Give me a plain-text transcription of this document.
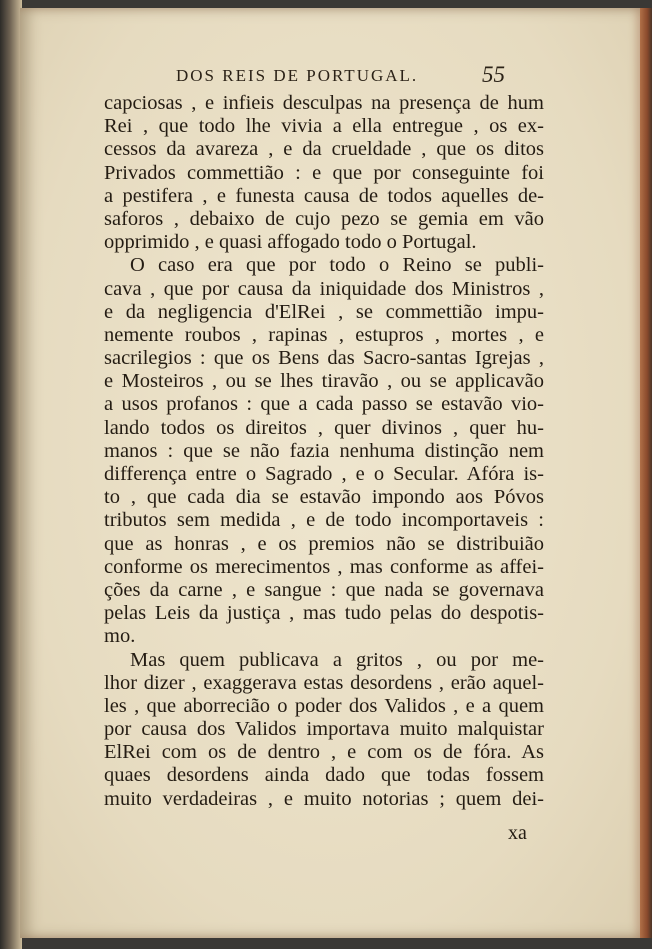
DOS REIS DE PORTUGAL.	55
capciosas , e infieis desculpas na presença de hum
Rei , que todo lhe vivia a ella entregue , os ex-
cessos da avareza , e da crueldade , que os ditos
Privados commettião : e que por conseguinte foi
a pestifera , e funesta causa de todos aquelles de-
saforos , debaixo de cujo pezo se gemia em vão
opprimido , e quasi affogado todo o Portugal.
O caso era que por todo o Reino se publi-
cava , que por causa da iniquidade dos Ministros ,
e da negligencia d'ElRei , se commettião impu-
nemente roubos , rapinas , estupros , mortes , e
sacrilegios : que os Bens das Sacro-santas Igrejas ,
e Mosteiros , ou se lhes tiravão , ou se applicavão
a usos profanos : que a cada passo se estavão vio-
lando todos os direitos , quer divinos , quer hu-
manos : que se não fazia nenhuma distinção nem
differença entre o Sagrado , e o Secular. Afóra is-
to , que cada dia se estavão impondo aos Póvos
tributos sem medida , e de todo incomportaveis :
que as honras , e os premios não se distribuião
conforme os merecimentos , mas conforme as affei-
ções da carne , e sangue : que nada se governava
pelas Leis da justiça , mas tudo pelas do despotis-
mo.
Mas quem publicava a gritos , ou por me-
lhor dizer , exaggerava estas desordens , erão aquel-
les , que aborrecião o poder dos Validos , e a quem
por causa dos Validos importava muito malquistar
ElRei com os de dentro , e com os de fóra. As
quaes desordens ainda dado que todas fossem
muito verdadeiras , e muito notorias ; quem dei-
xa
